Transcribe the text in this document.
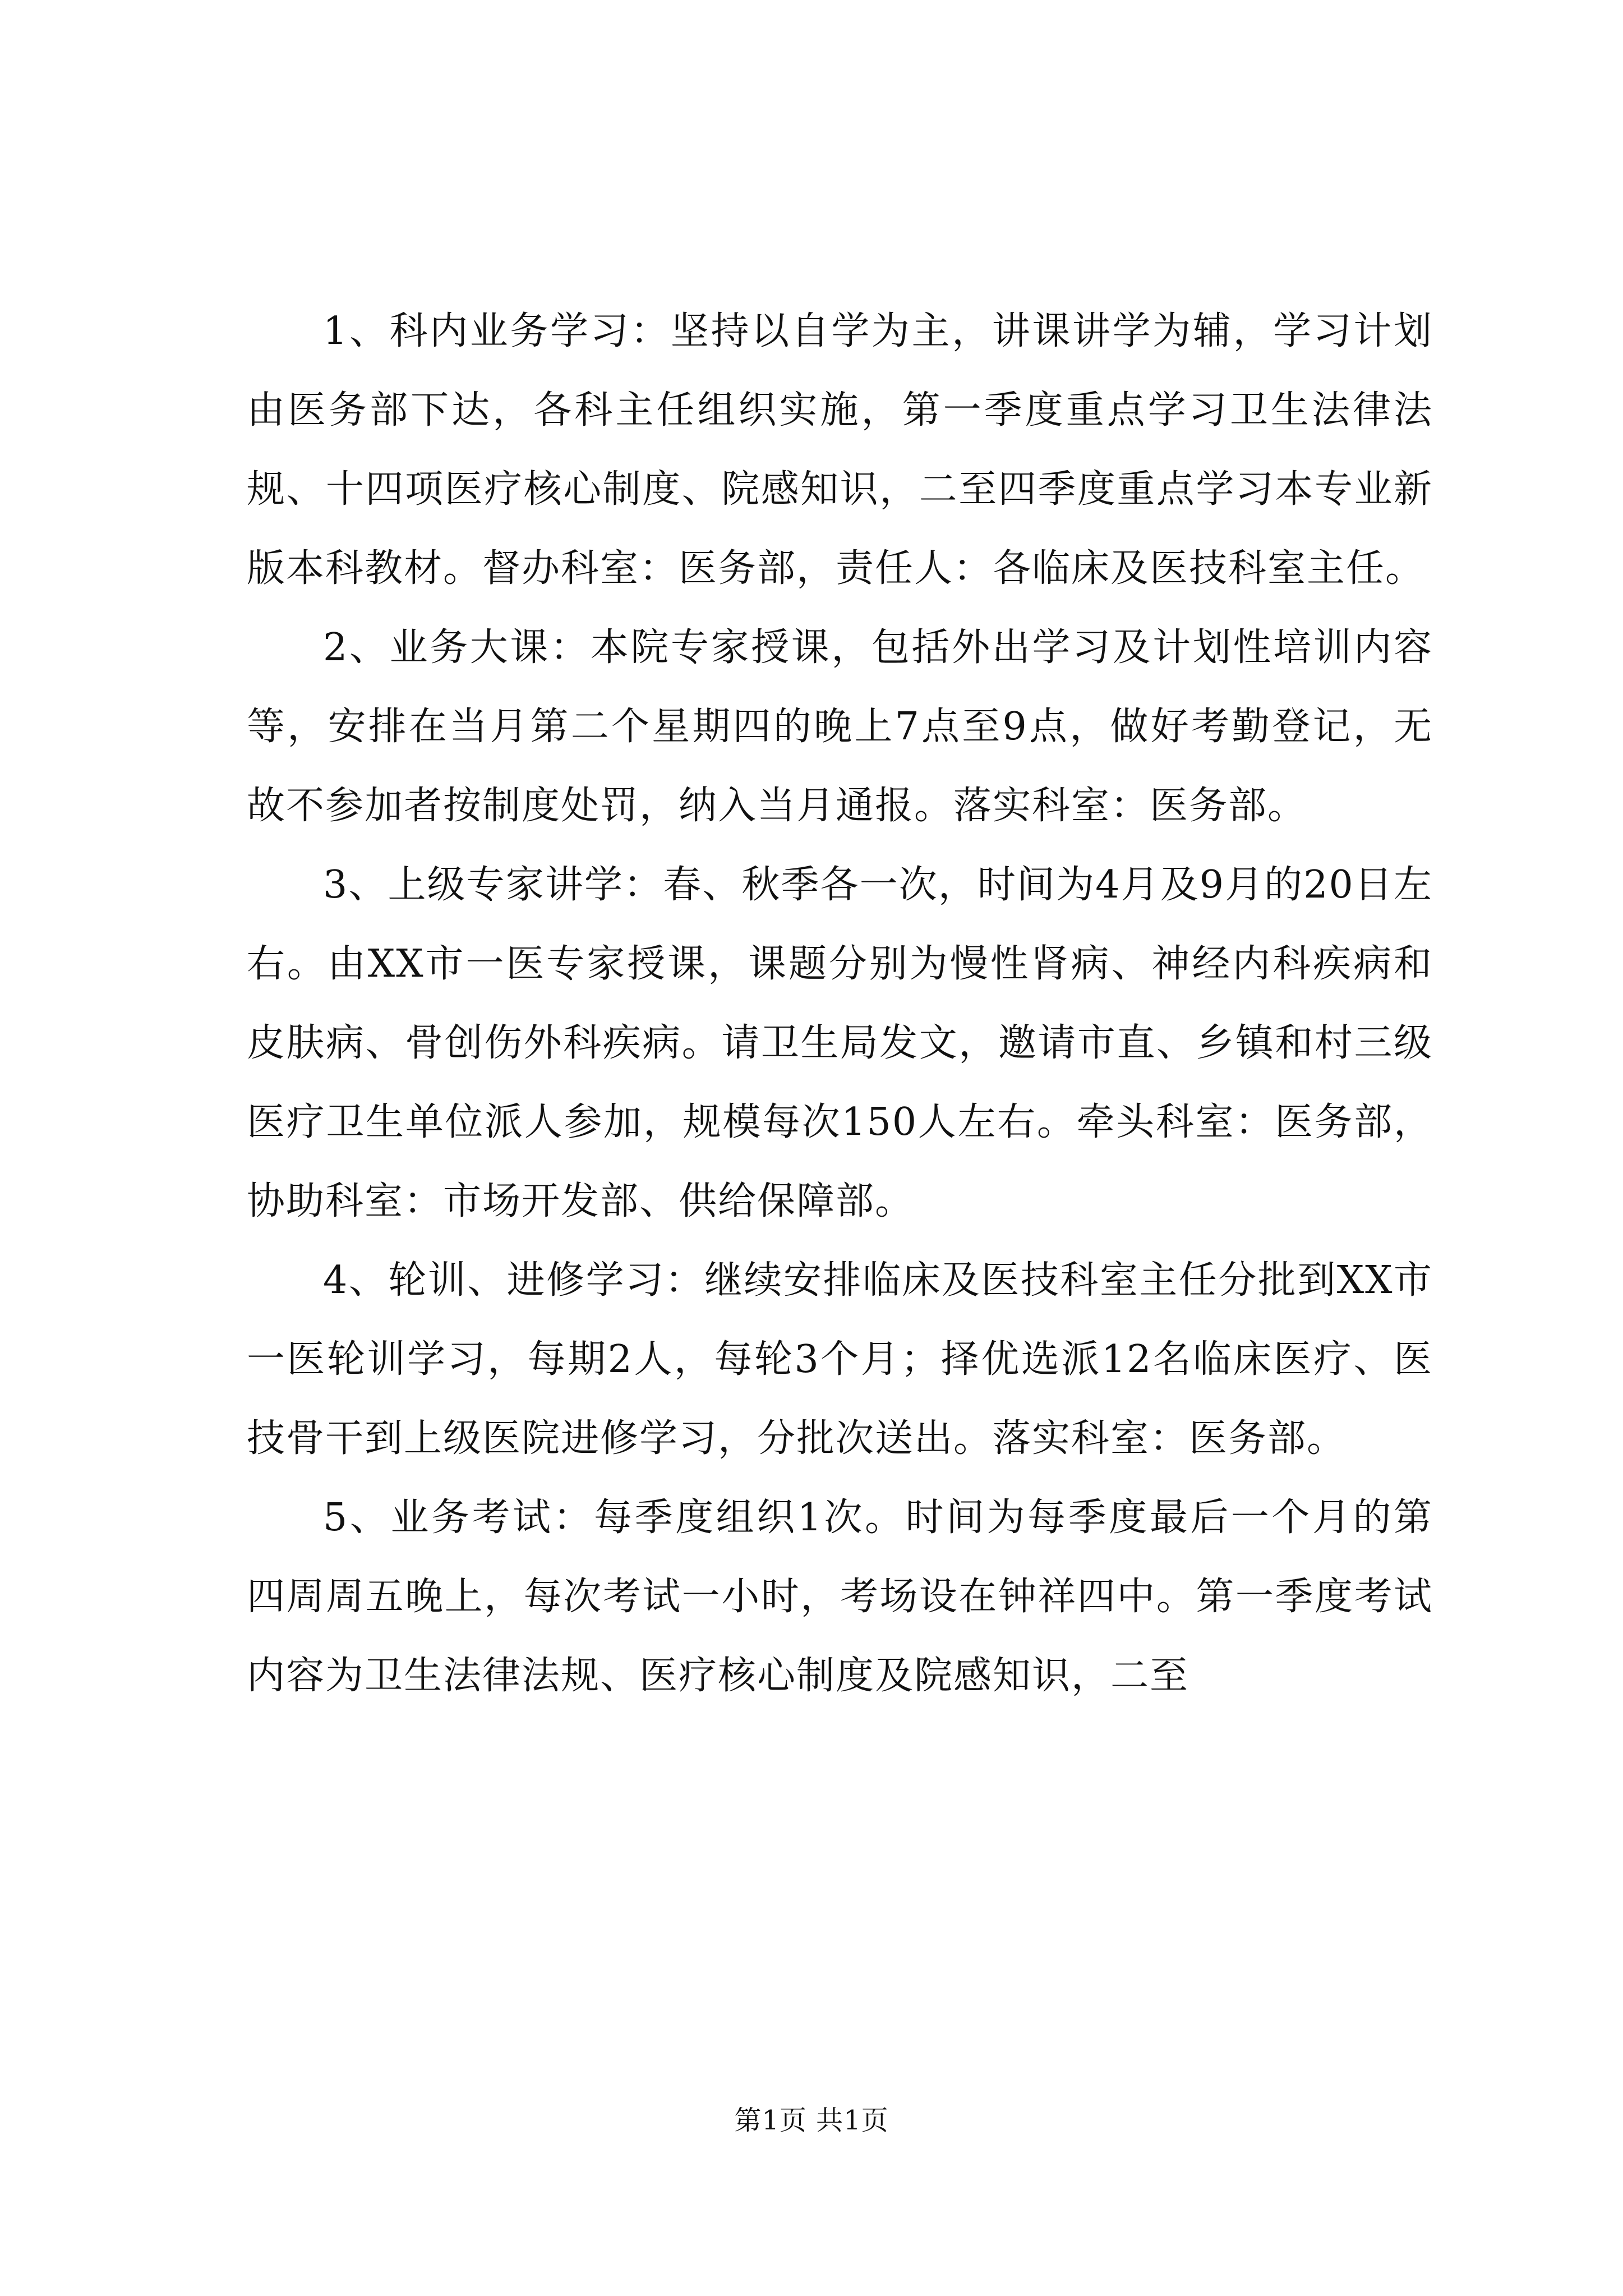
1、科内业务学习：坚持以自学为主，讲课讲学为辅，学习计划由医务部下达，各科主任组织实施，第一季度重点学习卫生法律法规、十四项医疗核心制度、院感知识，二至四季度重点学习本专业新版本科教材。督办科室：医务部，责任人：各临床及医技科室主任。

2、业务大课：本院专家授课，包括外出学习及计划性培训内容等，安排在当月第二个星期四的晚上7点至9点，做好考勤登记，无故不参加者按制度处罚，纳入当月通报。落实科室：医务部。

3、上级专家讲学：春、秋季各一次，时间为4月及9月的20日左右。由XX市一医专家授课，课题分别为慢性肾病、神经内科疾病和皮肤病、骨创伤外科疾病。请卫生局发文，邀请市直、乡镇和村三级医疗卫生单位派人参加，规模每次150人左右。牵头科室：医务部，协助科室：市场开发部、供给保障部。

4、轮训、进修学习：继续安排临床及医技科室主任分批到XX市一医轮训学习，每期2人，每轮3个月；择优选派12名临床医疗、医技骨干到上级医院进修学习，分批次送出。落实科室：医务部。

5、业务考试：每季度组织1次。时间为每季度最后一个月的第四周周五晚上，每次考试一小时，考场设在钟祥四中。第一季度考试内容为卫生法律法规、医疗核心制度及院感知识，二至

第1页 共1页
